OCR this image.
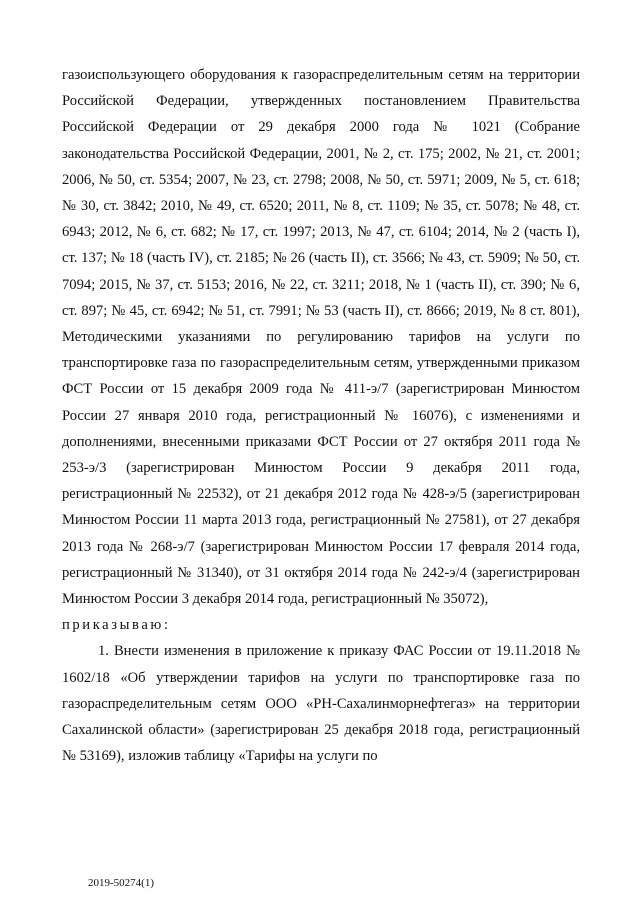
газоиспользующего оборудования к газораспределительным сетям на территории Российской Федерации, утвержденных постановлением Правительства Российской Федерации от 29 декабря 2000 года № 1021 (Собрание законодательства Российской Федерации, 2001, № 2, ст. 175; 2002, № 21, ст. 2001; 2006, № 50, ст. 5354; 2007, № 23, ст. 2798; 2008, № 50, ст. 5971; 2009, № 5, ст. 618; № 30, ст. 3842; 2010, № 49, ст. 6520; 2011, № 8, ст. 1109; № 35, ст. 5078; № 48, ст. 6943; 2012, № 6, ст. 682; № 17, ст. 1997; 2013, № 47, ст. 6104; 2014, № 2 (часть I), ст. 137; № 18 (часть IV), ст. 2185; № 26 (часть II), ст. 3566; № 43, ст. 5909; № 50, ст. 7094; 2015, № 37, ст. 5153; 2016, № 22, ст. 3211; 2018, № 1 (часть II), ст. 390; № 6, ст. 897; № 45, ст. 6942; № 51, ст. 7991; № 53 (часть II), ст. 8666; 2019, № 8 ст. 801), Методическими указаниями по регулированию тарифов на услуги по транспортировке газа по газораспределительным сетям, утвержденными приказом ФСТ России от 15 декабря 2009 года № 411-э/7 (зарегистрирован Минюстом России 27 января 2010 года, регистрационный № 16076), с изменениями и дополнениями, внесенными приказами ФСТ России от 27 октября 2011 года № 253-э/3 (зарегистрирован Минюстом России 9 декабря 2011 года, регистрационный № 22532), от 21 декабря 2012 года № 428-э/5 (зарегистрирован Минюстом России 11 марта 2013 года, регистрационный № 27581), от 27 декабря 2013 года № 268-э/7 (зарегистрирован Минюстом России 17 февраля 2014 года, регистрационный № 31340), от 31 октября 2014 года № 242-э/4 (зарегистрирован Минюстом России 3 декабря 2014 года, регистрационный № 35072),

приказываю:

1. Внести изменения в приложение к приказу ФАС России от 19.11.2018 № 1602/18 «Об утверждении тарифов на услуги по транспортировке газа по газораспределительным сетям ООО «РН-Сахалинморнефтегаз» на территории Сахалинской области» (зарегистрирован 25 декабря 2018 года, регистрационный № 53169), изложив таблицу «Тарифы на услуги по

2019-50274(1)
